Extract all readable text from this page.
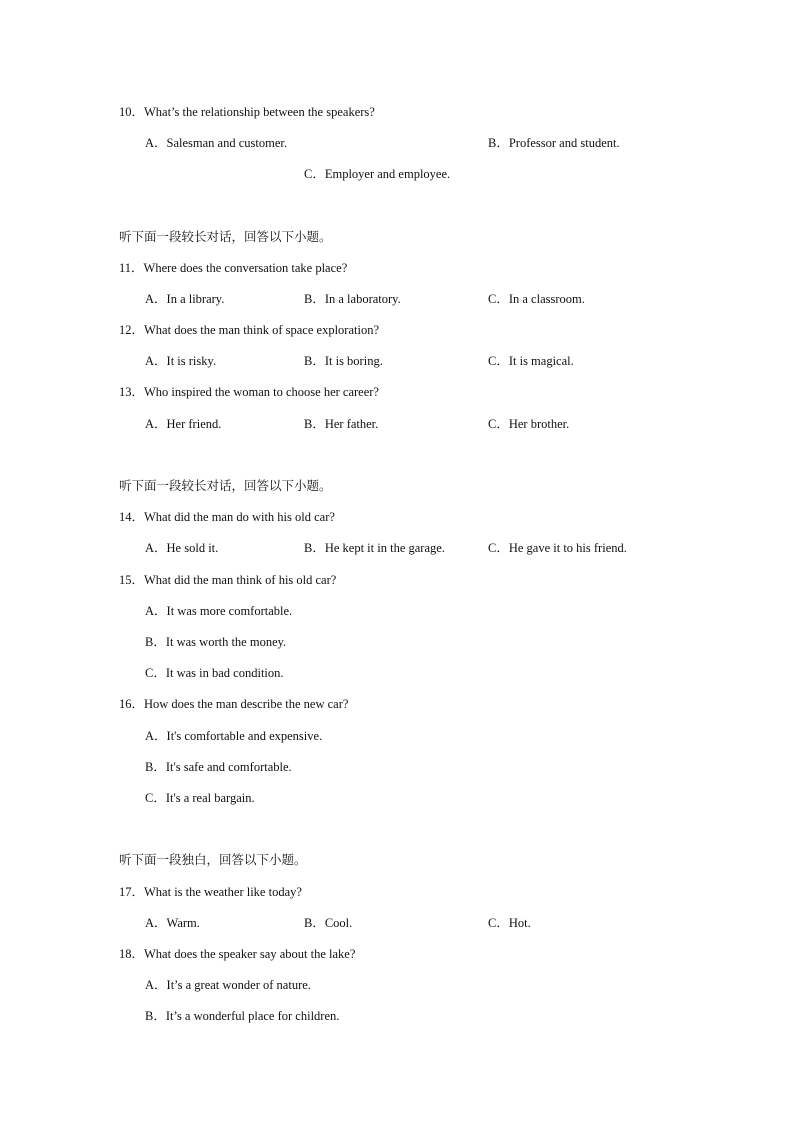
10．What’s the relationship between the speakers?
A．Salesman and customer.	B．Professor and student.
C．Employer and employee.
听下面一段较长对话，回答以下小题。
11．Where does the conversation take place?
A．In a library.	B．In a laboratory.	C．In a classroom.
12．What does the man think of space exploration?
A．It is risky.	B．It is boring.	C．It is magical.
13．Who inspired the woman to choose her career?
A．Her friend.	B．Her father.	C．Her brother.
听下面一段较长对话，回答以下小题。
14．What did the man do with his old car?
A．He sold it.	B．He kept it in the garage.	C．He gave it to his friend.
15．What did the man think of his old car?
A．It was more comfortable.
B．It was worth the money.
C．It was in bad condition.
16．How does the man describe the new car?
A．It's comfortable and expensive.
B．It's safe and comfortable.
C．It's a real bargain.
听下面一段独白，回答以下小题。
17．What is the weather like today?
A．Warm.	B．Cool.	C．Hot.
18．What does the speaker say about the lake?
A．It’s a great wonder of nature.
B．It’s a wonderful place for children.
